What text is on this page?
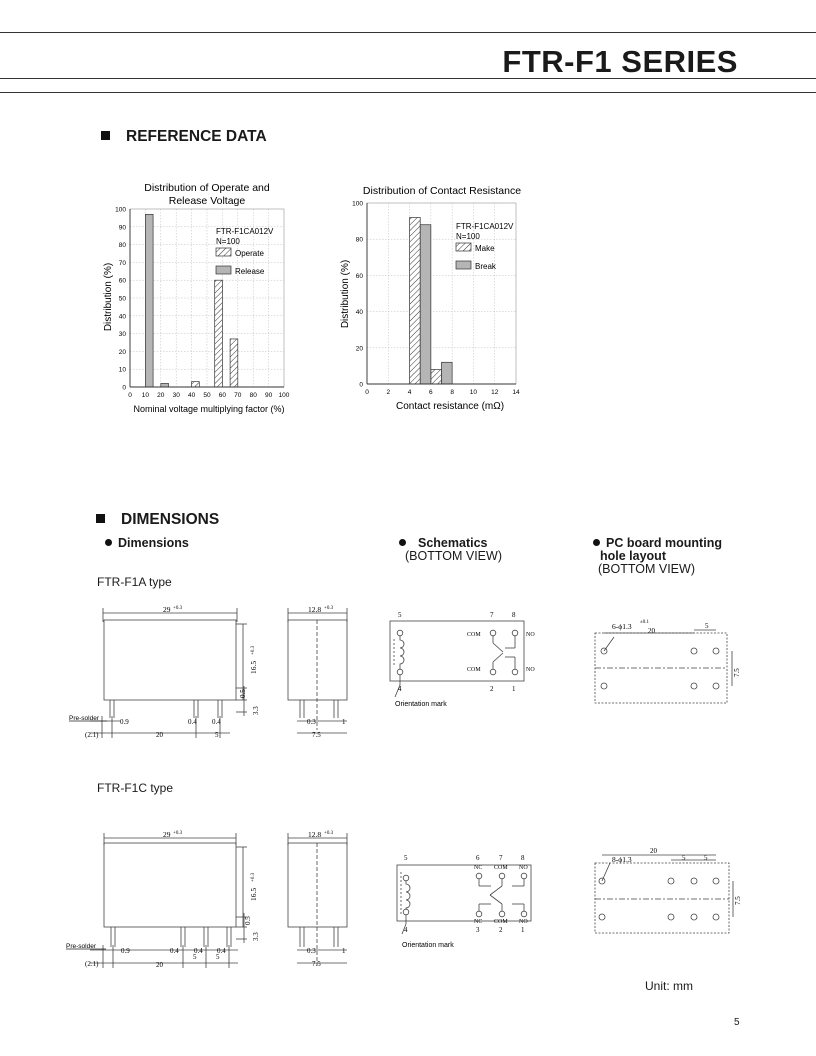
FTR-F1 SERIES
REFERENCE DATA
Distribution of Operate and
Release Voltage
0
10
20
30
40
50
60
70
80
90
100
0 10 20 30 40 50 60 70 80 90 100
FTR-F1CA012V
N=100
Operate
Release
Distribution (%)
Nominal voltage multiplying factor (%)
Distribution of Contact Resistance
0
20
40
60
80
100
0	2	4	6	8 10 12 14
FTR-F1CA012V
N=100
Make
Break
Distribution (%)
Contact resistance (mΩ)
DIMENSIONS
Dimensions	Schematics
(BOTTOM VIEW)
PC board mounting
hole layout
(BOTTOM VIEW)
FTR-F1A type
FTR-F1C type
29 +0.3
16.5
+0.3
0.5
3.3
Pre-solder	0.9	0.4 0.4
(2.1)	20	5
12.8 +0.3
0.3	1
7.5
5	7	8
4	2	1
COM
COM
NO
NO
Orientation mark
6-ϕ1.3 ±0.1
20
5
7.5
29 +0.3
16.5
+0.3
0.5
3.3
Pre-solder
0.9	0.4 0.4 0.4
(2.1)	20
5	5
12.8 +0.3
0.3	1
7.5
5	6	7	8
NC COM NO
NC COM NO
4	3	2	1
Orientation mark
8-ϕ1.3
20
5	5
7.5
Unit: mm
5
